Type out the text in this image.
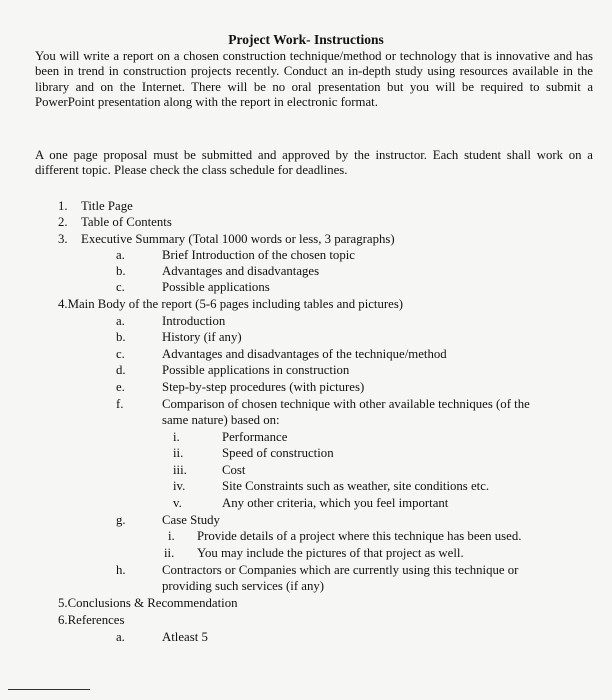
Project Work- Instructions
You will write a report on a chosen construction technique/method or technology that is innovative and has been in trend in construction projects recently. Conduct an in-depth study using resources available in the library and on the Internet. There will be no oral presentation but you will be required to submit a PowerPoint presentation along with the report in electronic format.
A one page proposal must be submitted and approved by the instructor. Each student shall work on a different topic. Please check the class schedule for deadlines.
1. Title Page
2. Table of Contents
3. Executive Summary (Total 1000 words or less, 3 paragraphs)
a.	Brief Introduction of the chosen topic
b.	Advantages and disadvantages
c.	Possible applications
4.Main Body of the report (5-6 pages including tables and pictures)
a.	Introduction
b.	History (if any)
c.	Advantages and disadvantages of the technique/method
d.	Possible applications in construction
e.	Step-by-step procedures (with pictures)
f.	Comparison of chosen technique with other available techniques (of the
same nature) based on:
i.	Performance
ii.	Speed of construction
iii.	Cost
iv.	Site Constraints such as weather, site conditions etc.
v.	Any other criteria, which you feel important
g.	Case Study
i. Provide details of a project where this technique has been used.
ii. You may include the pictures of that project as well.
h.	Contractors or Companies which are currently using this technique or
providing such services (if any)
5.Conclusions & Recommendation
6.References
a.	Atleast 5
